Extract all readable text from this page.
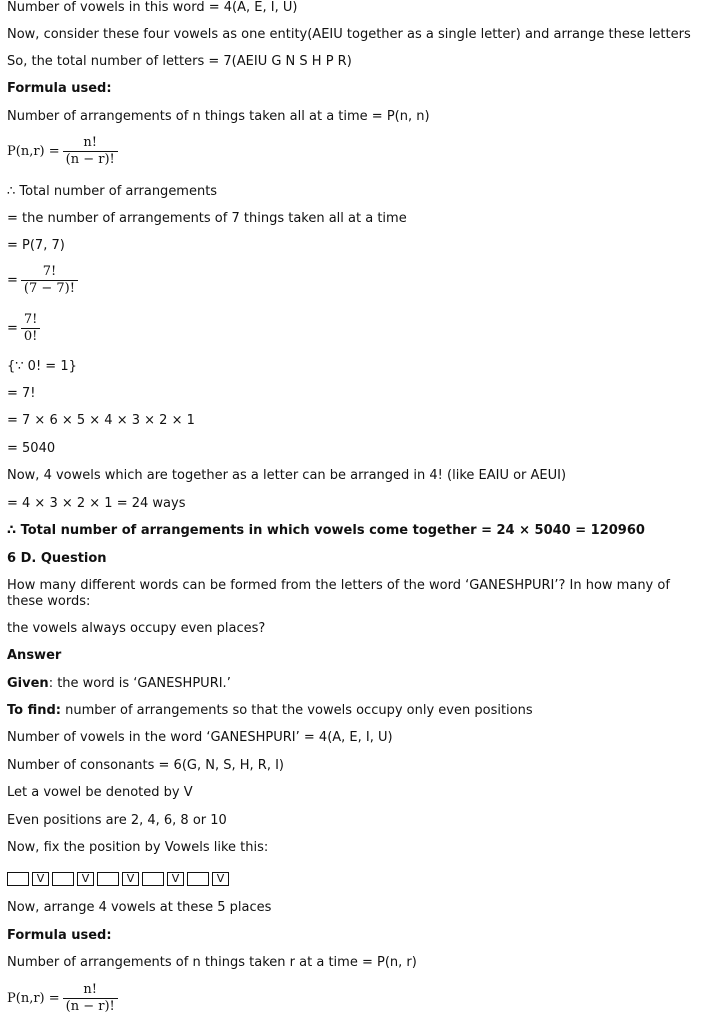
Number of vowels in this word = 4(A, E, I, U)
Now, consider these four vowels as one entity(AEIU together as a single letter) and arrange these letters
So, the total number of letters = 7(AEIU G N S H P R)
Formula used:
Number of arrangements of n things taken all at a time = P(n, n)
$P(n,r) = \frac{n!}{(n - r)!}$
∴ Total number of arrangements
= the number of arrangements of 7 things taken all at a time
= P(7, 7)
= $\frac{7!}{(7 - 7)!}$
= $\frac{7!}{0!}$
{∵ 0! = 1}
= 7!
= 7 × 6 × 5 × 4 × 3 × 2 × 1
= 5040
Now, 4 vowels which are together as a letter can be arranged in 4! (like EAIU or AEUI)
= 4 × 3 × 2 × 1 = 24 ways
∴ Total number of arrangements in which vowels come together = 24 × 5040 = 120960
6 D. Question
How many different words can be formed from the letters of the word ‘GANESHPURI’? In how many of these words:
the vowels always occupy even places?
Answer
Given: the word is ‘GANESHPURI.’
To find: number of arrangements so that the vowels occupy only even positions
Number of vowels in the word ‘GANESHPURI’ = 4(A, E, I, U)
Number of consonants = 6(G, N, S, H, R, I)
Let a vowel be denoted by V
Even positions are 2, 4, 6, 8 or 10
Now, fix the position by Vowels like this:
V	V	V	V	V
Now, arrange 4 vowels at these 5 places
Formula used:
Number of arrangements of n things taken r at a time = P(n, r)
$P(n,r) = \frac{n!}{(n - r)!}$
